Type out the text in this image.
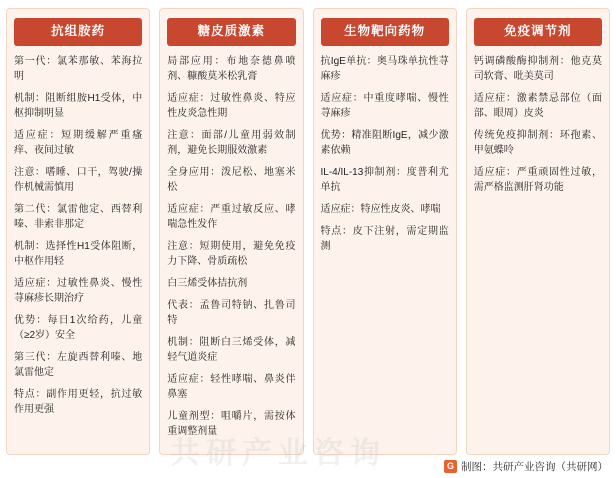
抗组胺药
第一代：氯苯那敏、苯海拉明
机制：阻断组胺H1受体，中枢抑制明显
适应症：短期缓解严重瘙痒、夜间过敏
注意：嗜睡、口干，驾驶/操作机械需慎用
第二代：氯雷他定、西替利嗪、非索非那定
机制：选择性H1受体阻断，中枢作用轻
适应症：过敏性鼻炎、慢性荨麻疹长期治疗
优势：每日1次给药，儿童（≥2岁）安全
第三代：左旋西替利嗪、地氯雷他定
特点：副作用更轻，抗过敏作用更强
糖皮质激素
局部应用：布地奈德鼻喷剂、糠酸莫米松乳膏
适应症：过敏性鼻炎、特应性皮炎急性期
注意：面部/儿童用弱效制剂，避免长期服效激素
全身应用：泼尼松、地塞米松
适应症：严重过敏反应、哮喘急性发作
注意：短期使用，避免免疫力下降、骨质疏松
白三烯受体拮抗剂
代表：孟鲁司特钠、扎鲁司特
机制：阻断白三烯受体，减轻气道炎症
适应症：轻性哮喘、鼻炎伴鼻塞
儿童剂型：咀嚼片，需按体重调整剂量
生物靶向药物
抗IgE单抗：奥马珠单抗性荨麻疹
适应症：中重度哮喘、慢性荨麻疹
优势：精准阻断IgE，减少激素依赖
IL-4/IL-13抑制剂：度普利尤单抗
适应症：特应性皮炎、哮喘
特点：皮下注射，需定期监测
免疫调节剂
钙调磷酸酶抑制剂：他克莫司软膏、吡美莫司
适应症：激素禁忌部位（面部、眼周）皮炎
传统免疫抑制剂：环孢素、甲氨蝶呤
适应症：严重顽固性过敏，需严格监测肝肾功能
G 制图：共研产业咨询（共研网）
